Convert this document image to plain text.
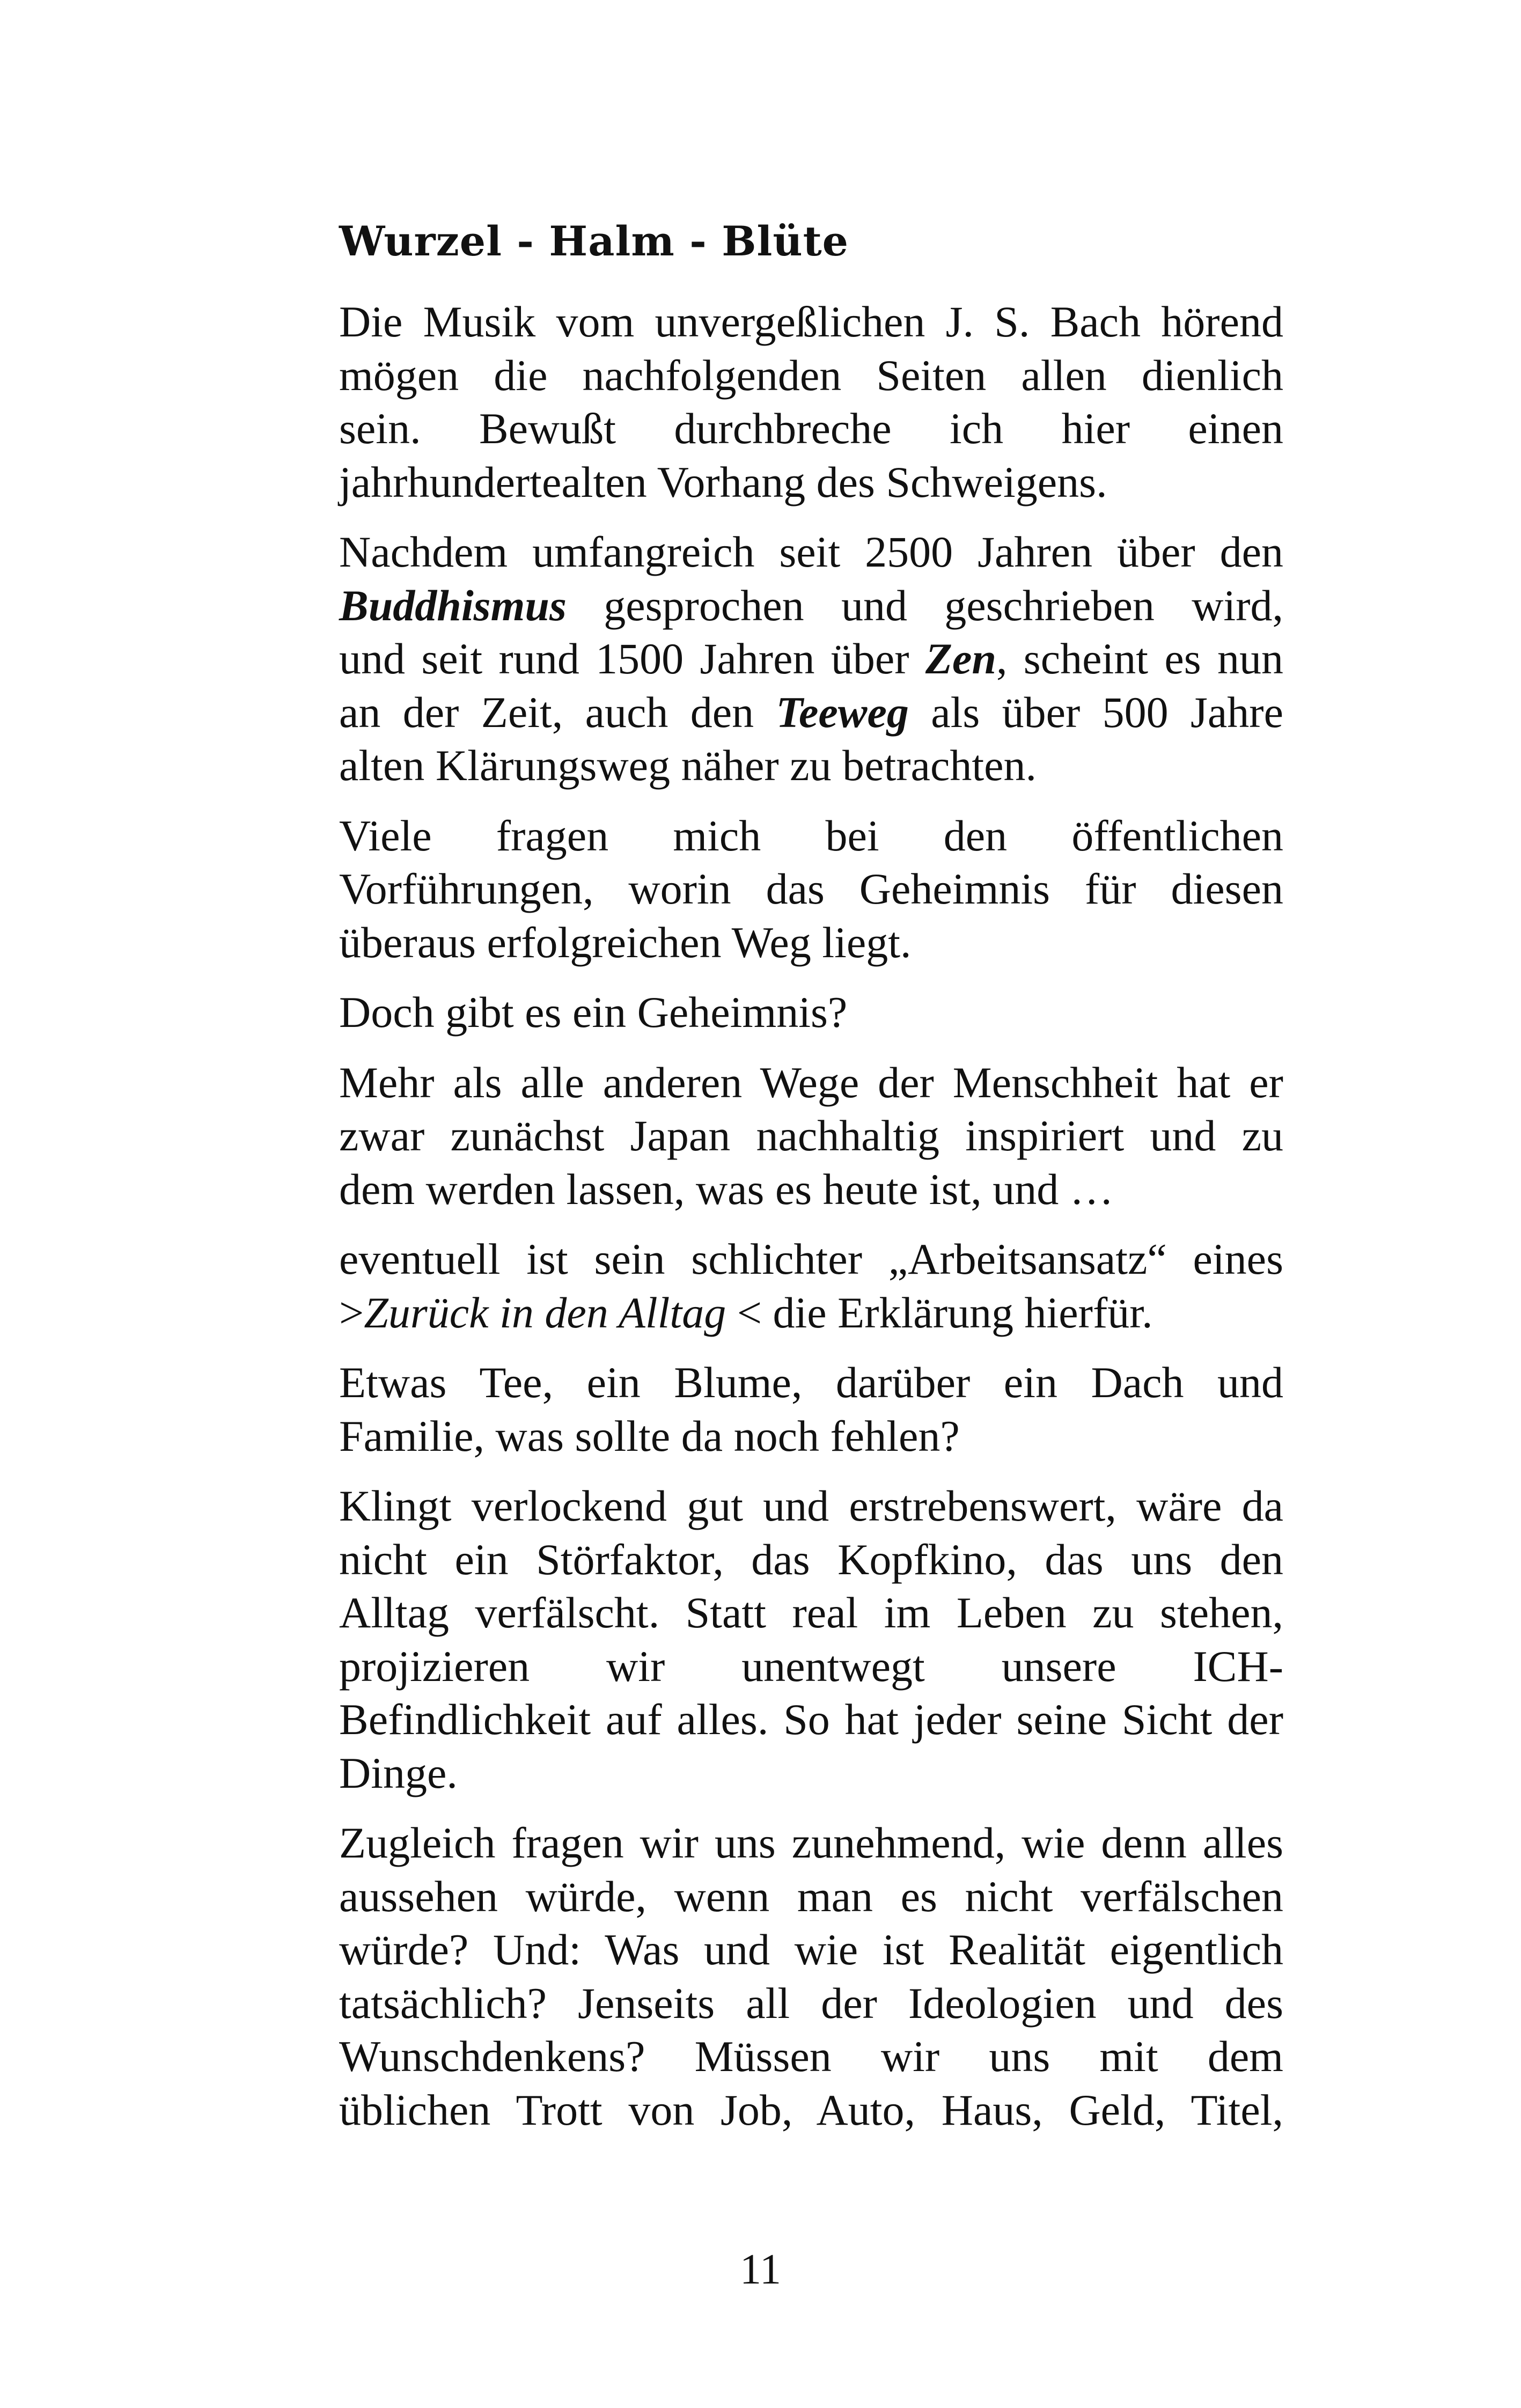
Wurzel - Halm - Blüte
Die Musik vom unvergeßlichen J. S. Bach hörend
mögen die nachfolgenden Seiten allen dienlich
sein. Bewußt durchbreche ich hier einen
jahrhundertealten Vorhang des Schweigens.
Nachdem umfangreich seit 2500 Jahren über den
Buddhismus gesprochen und geschrieben wird,
und seit rund 1500 Jahren über Zen, scheint es nun
an der Zeit, auch den Teeweg als über 500 Jahre
alten Klärungsweg näher zu betrachten.
Viele fragen mich bei den öffentlichen
Vorführungen, worin das Geheimnis für diesen
überaus erfolgreichen Weg liegt.
Doch gibt es ein Geheimnis?
Mehr als alle anderen Wege der Menschheit hat er
zwar zunächst Japan nachhaltig inspiriert und zu
dem werden lassen, was es heute ist, und …
eventuell ist sein schlichter „Arbeitsansatz“ eines
>Zurück in den Alltag < die Erklärung hierfür.
Etwas Tee, ein Blume, darüber ein Dach und
Familie, was sollte da noch fehlen?
Klingt verlockend gut und erstrebenswert, wäre da
nicht ein Störfaktor, das Kopfkino, das uns den
Alltag verfälscht. Statt real im Leben zu stehen,
projizieren wir unentwegt unsere ICH-
Befindlichkeit auf alles. So hat jeder seine Sicht der
Dinge.
Zugleich fragen wir uns zunehmend, wie denn alles
aussehen würde, wenn man es nicht verfälschen
würde? Und: Was und wie ist Realität eigentlich
tatsächlich? Jenseits all der Ideologien und des
Wunschdenkens? Müssen wir uns mit dem
üblichen Trott von Job, Auto, Haus, Geld, Titel,
11
